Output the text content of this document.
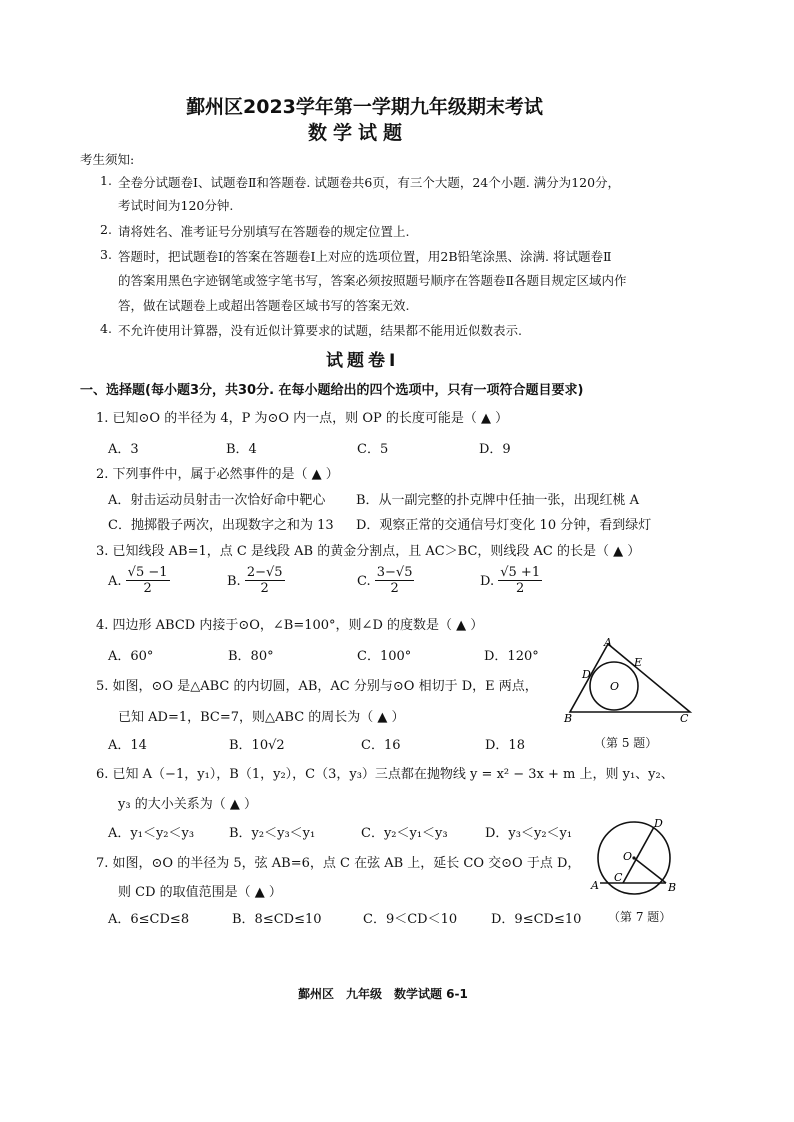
鄞州区2023学年第一学期九年级期末考试
数学试题
考生须知:
1. 全卷分试题卷Ⅰ、试题卷Ⅱ和答题卷. 试题卷共6页，有三个大题，24个小题. 满分为120分，
考试时间为120分钟.
2. 请将姓名、准考证号分别填写在答题卷的规定位置上.
3. 答题时，把试题卷Ⅰ的答案在答题卷Ⅰ上对应的选项位置，用2B铅笔涂黑、涂满. 将试题卷Ⅱ
的答案用黑色字迹钢笔或签字笔书写，答案必须按照题号顺序在答题卷Ⅱ各题目规定区域内作
答，做在试题卷上或超出答题卷区域书写的答案无效.
4. 不允许使用计算器，没有近似计算要求的试题，结果都不能用近似数表示.
试题卷Ⅰ
一、选择题(每小题3分，共30分. 在每小题给出的四个选项中，只有一项符合题目要求)
1. 已知⊙O 的半径为 4，P 为⊙O 内一点，则 OP 的长度可能是（ ▲ ）
A．3	B．4	C．5	D．9
2. 下列事件中，属于必然事件的是（ ▲ ）
A．射击运动员射击一次恰好命中靶心 B．从一副完整的扑克牌中任抽一张，出现红桃 A
C．抛掷骰子两次，出现数字之和为 13 D．观察正常的交通信号灯变化 10 分钟，看到绿灯
3. 已知线段 AB=1，点 C 是线段 AB 的黄金分割点，且 AC＞BC，则线段 AC 的长是（ ▲ ）
A. $\frac{√5 -1}{2}$	B. $\frac{2-√5}{2}$	C. $\frac{3-√5}{2}$	D. $\frac{√5 +1}{2}$
4. 四边形 ABCD 内接于⊙O，∠B=100°，则∠D 的度数是（ ▲ ）
A．60°	B．80°	C．100°	D．120°
5. 如图，⊙O 是△ABC 的内切圆，AB，AC 分别与⊙O 相切于 D，E 两点，
已知 AD=1，BC=7，则△ABC 的周长为（ ▲ ）
A．14	B．10√2	C．16	D．18
A
D
E
O
B	C
（第 5 题）
6. 已知 A（−1，y₁），B（1，y₂），C（3，y₃）三点都在抛物线 y = x² − 3x + m 上，则 y₁、y₂、
y₃ 的大小关系为（ ▲ ）
A．y₁＜y₂＜y₃	B．y₂＜y₃＜y₁	C．y₂＜y₁＜y₃	D．y₃＜y₂＜y₁
7. 如图，⊙O 的半径为 5，弦 AB=6，点 C 在弦 AB 上，延长 CO 交⊙O 于点 D，
则 CD 的取值范围是（ ▲ ）
A．6≤CD≤8	B．8≤CD≤10	C．9＜CD＜10	D．9≤CD≤10
O
D
A
C
B
（第 7 题）
鄞州区　九年级　数学试题 6-1
